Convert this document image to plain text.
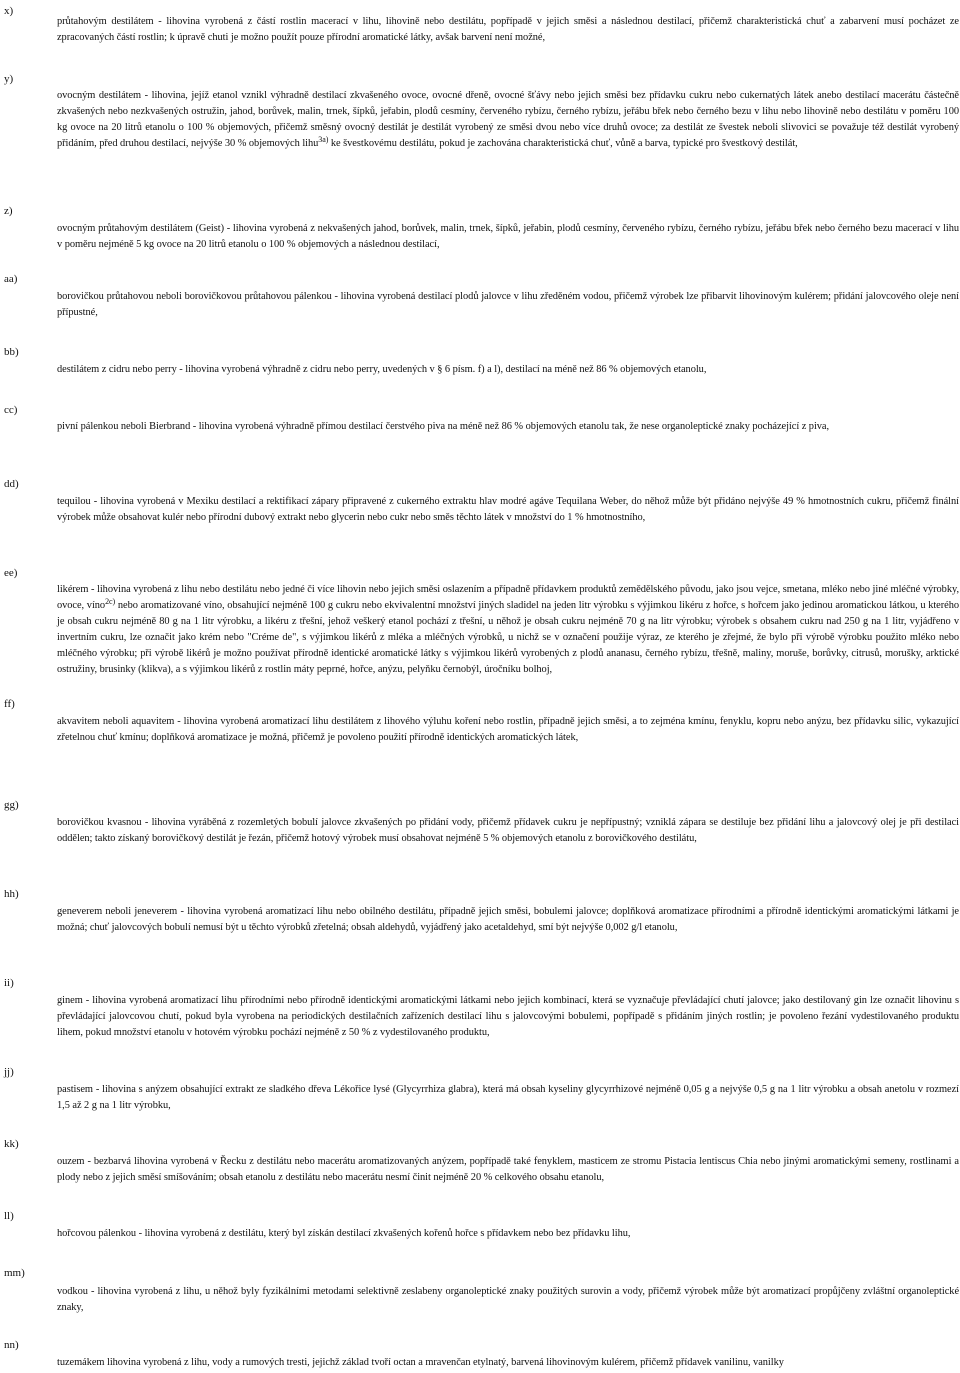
x)
průtahovým destilátem - lihovina vyrobená z částí rostlin macerací v lihu, lihovině nebo destilátu, popřípadě v jejich směsi a následnou destilací, přičemž charakteristická chuť a zabarvení musí pocházet ze zpracovaných částí rostlin; k úpravě chuti je možno použít pouze přírodní aromatické látky, avšak barvení není možné,
y)
ovocným destilátem - lihovina, jejíž etanol vznikl výhradně destilací zkvašeného ovoce, ovocné dřeně, ovocné šťávy nebo jejich směsi bez přídavku cukru nebo cukernatých látek anebo destilací macerátu částečně zkvašených nebo nezkvašených ostružin, jahod, borůvek, malin, trnek, šípků, jeřabin, plodů cesmíny, červeného rybízu, černého rybízu, jeřábu břek nebo černého bezu v lihu nebo lihovině nebo destilátu v poměru 100 kg ovoce na 20 litrů etanolu o 100 % objemových, přičemž směsný ovocný destilát je destilát vyrobený ze směsi dvou nebo více druhů ovoce; za destilát ze švestek neboli slivovici se považuje též destilát vyrobený přidáním, před druhou destilací, nejvýše 30 % objemových lihu$^{3a)}$ ke švestkovému destilátu, pokud je zachována charakteristická chuť, vůně a barva, typické pro švestkový destilát,
z)
ovocným průtahovým destilátem (Geist) - lihovina vyrobená z nekvašených jahod, borůvek, malin, trnek, šípků, jeřabin, plodů cesmíny, červeného rybízu, černého rybízu, jeřábu břek nebo černého bezu macerací v lihu v poměru nejméně 5 kg ovoce na 20 litrů etanolu o 100 % objemových a následnou destilací,
aa)
borovičkou průtahovou neboli borovičkovou průtahovou pálenkou - lihovina vyrobená destilací plodů jalovce v lihu zředěném vodou, přičemž výrobek lze přibarvit lihovinovým kulérem; přidání jalovcového oleje není přípustné,
bb)
destilátem z cidru nebo perry - lihovina vyrobená výhradně z cidru nebo perry, uvedených v § 6 písm. f) a l), destilací na méně než 86 % objemových etanolu,
cc)
pivní pálenkou neboli Bierbrand - lihovina vyrobená výhradně přímou destilací čerstvého piva na méně než 86 % objemových etanolu tak, že nese organoleptické znaky pocházející z piva,
dd)
tequilou - lihovina vyrobená v Mexiku destilací a rektifikací zápary připravené z cukerného extraktu hlav modré agáve Tequilana Weber, do něhož může být přidáno nejvýše 49 % hmotnostních cukru, přičemž finální výrobek může obsahovat kulér nebo přírodní dubový extrakt nebo glycerin nebo cukr nebo směs těchto látek v množství do 1 % hmotnostního,
ee)
likérem - lihovina vyrobená z lihu nebo destilátu nebo jedné či více lihovin nebo jejich směsi oslazením a případně přídavkem produktů zemědělského původu, jako jsou vejce, smetana, mléko nebo jiné mléčné výrobky, ovoce, víno$^{2c)}$ nebo aromatizované víno, obsahující nejméně 100 g cukru nebo ekvivalentní množství jiných sladidel na jeden litr výrobku s výjimkou likéru z hořce, s hořcem jako jedinou aromatickou látkou, u kterého je obsah cukru nejméně 80 g na 1 litr výrobku, a likéru z třešní, jehož veškerý etanol pochází z třešní, u něhož je obsah cukru nejméně 70 g na litr výrobku; výrobek s obsahem cukru nad 250 g na 1 litr, vyjádřeno v invertním cukru, lze označit jako krém nebo "Créme de", s výjimkou likérů z mléka a mléčných výrobků, u nichž se v označení použije výraz, ze kterého je zřejmé, že bylo při výrobě výrobku použito mléko nebo mléčného výrobku; při výrobě likérů je možno používat přírodně identické aromatické látky s výjimkou likérů vyrobených z plodů ananasu, černého rybízu, třešně, maliny, moruše, borůvky, citrusů, morušky, arktické ostružiny, brusinky (klikva), a s výjimkou likérů z rostlin máty peprné, hořce, anýzu, pelyňku černobýl, úročníku bolhoj,
ff)
akvavitem neboli aquavitem - lihovina vyrobená aromatizací lihu destilátem z lihového výluhu koření nebo rostlin, případně jejich směsi, a to zejména kmínu, fenyklu, kopru nebo anýzu, bez přídavku silic, vykazující zřetelnou chuť kmínu; doplňková aromatizace je možná, přičemž je povoleno použití přírodně identických aromatických látek,
gg)
borovičkou kvasnou - lihovina vyráběná z rozemletých bobulí jalovce zkvašených po přidání vody, přičemž přídavek cukru je nepřípustný; vzniklá zápara se destiluje bez přidání lihu a jalovcový olej je při destilaci oddělen; takto získaný borovičkový destilát je řezán, přičemž hotový výrobek musí obsahovat nejméně 5 % objemových etanolu z borovičkového destilátu,
hh)
geneverem neboli jeneverem - lihovina vyrobená aromatizací lihu nebo obilného destilátu, případně jejich směsi, bobulemi jalovce; doplňková aromatizace přírodními a přírodně identickými aromatickými látkami je možná; chuť jalovcových bobulí nemusí být u těchto výrobků zřetelná; obsah aldehydů, vyjádřený jako acetaldehyd, smí být nejvýše 0,002 g/l etanolu,
ii)
ginem - lihovina vyrobená aromatizací lihu přírodními nebo přírodně identickými aromatickými látkami nebo jejich kombinací, která se vyznačuje převládající chutí jalovce; jako destilovaný gin lze označit lihovinu s převládající jalovcovou chutí, pokud byla vyrobena na periodických destilačních zařízeních destilací lihu s jalovcovými bobulemi, popřípadě s přidáním jiných rostlin; je povoleno řezání vydestilovaného produktu lihem, pokud množství etanolu v hotovém výrobku pochází nejméně z 50 % z vydestilovaného produktu,
jj)
pastisem - lihovina s anýzem obsahující extrakt ze sladkého dřeva Lékořice lysé (Glycyrrhiza glabra), která má obsah kyseliny glycyrrhizové nejméně 0,05 g a nejvýše 0,5 g na 1 litr výrobku a obsah anetolu v rozmezí 1,5 až 2 g na 1 litr výrobku,
kk)
ouzem - bezbarvá lihovina vyrobená v Řecku z destilátu nebo macerátu aromatizovaných anýzem, popřípadě také fenyklem, masticem ze stromu Pistacia lentiscus Chia nebo jinými aromatickými semeny, rostlinami a plody nebo z jejich směsí smíšováním; obsah etanolu z destilátu nebo macerátu nesmí činit nejméně 20 % celkového obsahu etanolu,
ll)
hořcovou pálenkou - lihovina vyrobená z destilátu, který byl získán destilací zkvašených kořenů hořce s přídavkem nebo bez přídavku lihu,
mm)
vodkou - lihovina vyrobená z lihu, u něhož byly fyzikálními metodami selektivně zeslabeny organoleptické znaky použitých surovin a vody, přičemž výrobek může být aromatizací propůjčeny zvláštní organoleptické znaky,
nn)
tuzemákem lihovina vyrobená z lihu, vody a rumových tresti, jejichž základ tvoří octan a mravenčan etylnatý, barvená lihovinovým kulérem, přičemž přídavek vanilinu, vanilky
